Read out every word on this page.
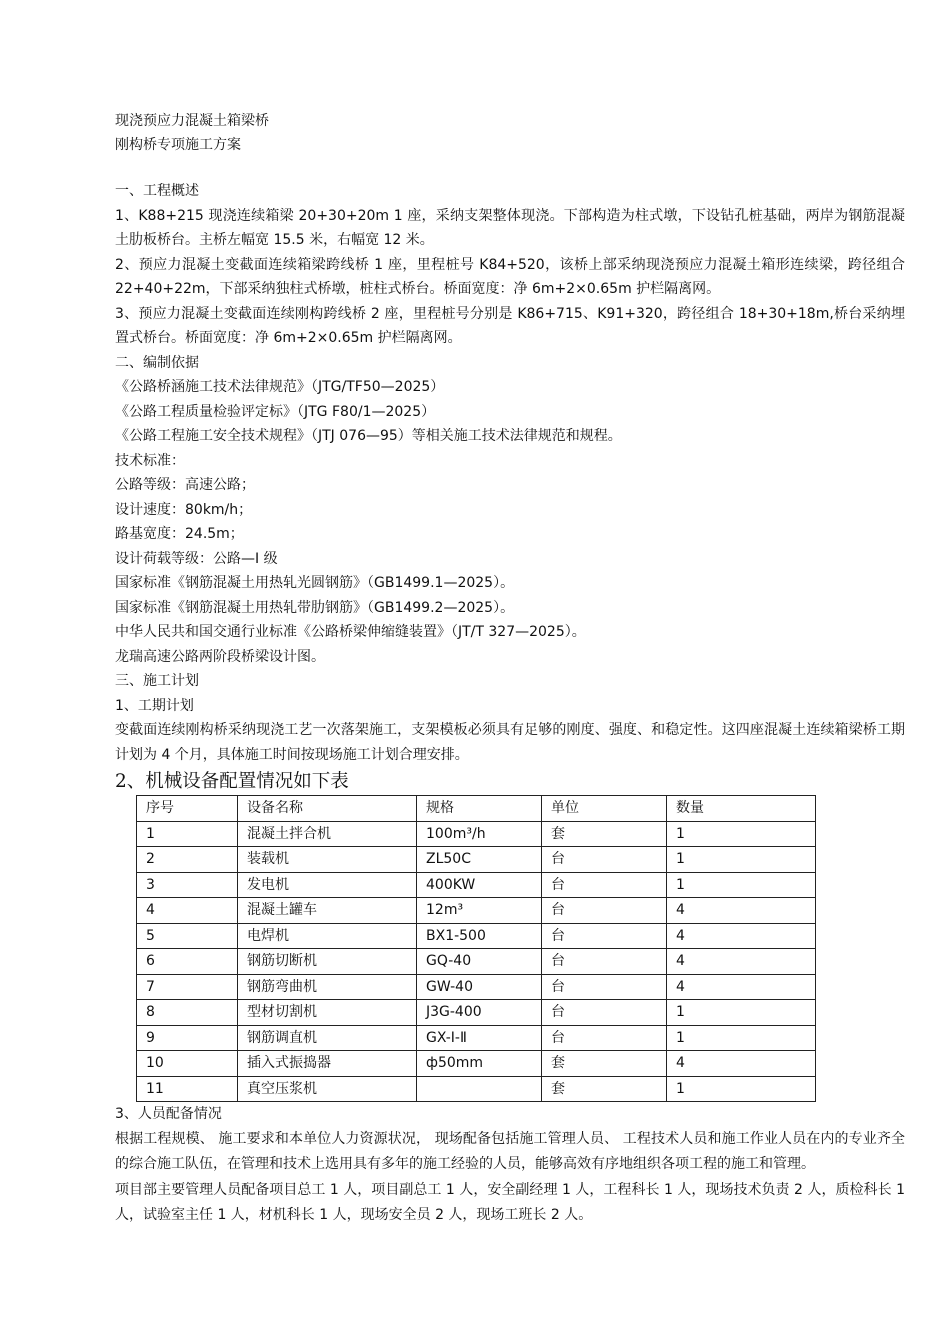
现浇预应力混凝土箱梁桥

刚构桥专项施工方案

一、工程概述

1、K88+215 现浇连续箱梁 20+30+20m 1 座，采纳支架整体现浇。下部构造为柱式墩，下设钻孔桩基础，两岸为钢筋混凝土肋板桥台。主桥左幅宽 15.5 米，右幅宽 12 米。

2、预应力混凝土变截面连续箱梁跨线桥 1 座，里程桩号 K84+520，该桥上部采纳现浇预应力混凝土箱形连续梁，跨径组合 22+40+22m，下部采纳独柱式桥墩，桩柱式桥台。桥面宽度：净 6m+2×0.65m 护栏隔离网。

3、预应力混凝土变截面连续刚构跨线桥 2 座，里程桩号分别是 K86+715、K91+320，跨径组合 18+30+18m,桥台采纳埋置式桥台。桥面宽度：净 6m+2×0.65m 护栏隔离网。

二、编制依据

《公路桥涵施工技术法律规范》（JTG/TF50—2025）

《公路工程质量检验评定标》（JTG F80/1—2025）

《公路工程施工安全技术规程》（JTJ 076—95）等相关施工技术法律规范和规程。

技术标准：

公路等级：高速公路；

设计速度：80km/h；

路基宽度：24.5m；

设计荷载等级：公路—I 级

国家标准《钢筋混凝土用热轧光圆钢筋》（GB1499.1—2025）。

国家标准《钢筋混凝土用热轧带肋钢筋》（GB1499.2—2025）。

中华人民共和国交通行业标准《公路桥梁伸缩缝装置》（JT/T 327—2025）。

龙瑞高速公路两阶段桥梁设计图。

三、施工计划

1、工期计划

变截面连续刚构桥采纳现浇工艺一次落架施工，支架模板必须具有足够的刚度、强度、和稳定性。这四座混凝土连续箱梁桥工期计划为 4 个月，具体施工时间按现场施工计划合理安排。

2、机械设备配置情况如下表

序号	设备名称	规格	单位	数量
1	混凝土拌合机	100m³/h	套	1
2	装载机	ZL50C	台	1
3	发电机	400KW	台	1
4	混凝土罐车	12m³	台	4
5	电焊机	BX1-500	台	4
6	钢筋切断机	GQ-40	台	4
7	钢筋弯曲机	GW-40	台	4
8	型材切割机	J3G-400	台	1
9	钢筋调直机	GX-Ⅰ-Ⅱ	台	1
10	插入式振捣器	ф50mm	套	4
11	真空压浆机		套	1

3、人员配备情况

根据工程规模、 施工要求和本单位人力资源状况， 现场配备包括施工管理人员、 工程技术人员和施工作业人员在内的专业齐全的综合施工队伍，在管理和技术上选用具有多年的施工经验的人员，能够高效有序地组织各项工程的施工和管理。

项目部主要管理人员配备项目总工 1 人，项目副总工 1 人，安全副经理 1 人，工程科长 1 人，现场技术负责 2 人，质检科长 1 人，试验室主任 1 人，材机科长 1 人，现场安全员 2 人，现场工班长 2 人。
